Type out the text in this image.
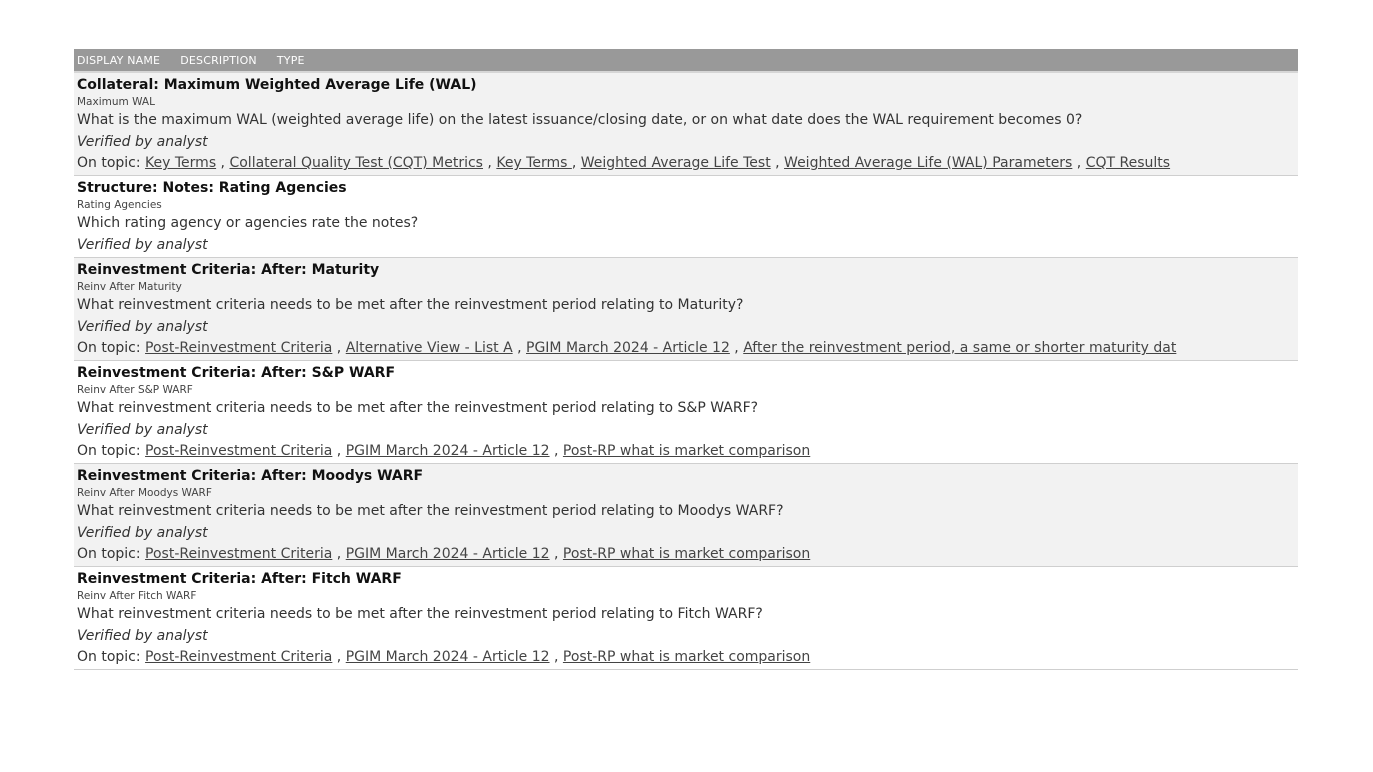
DISPLAY NAME DESCRIPTION TYPE
Collateral: Maximum Weighted Average Life (WAL)
Maximum WAL
What is the maximum WAL (weighted average life) on the latest issuance/closing date, or on what date does the WAL requirement becomes 0?
Verified by analyst
On topic: Key Terms , Collateral Quality Test (CQT) Metrics , Key Terms , Weighted Average Life Test , Weighted Average Life (WAL) Parameters , CQT Results
Structure: Notes: Rating Agencies
Rating Agencies
Which rating agency or agencies rate the notes?
Verified by analyst
Reinvestment Criteria: After: Maturity
Reinv After Maturity
What reinvestment criteria needs to be met after the reinvestment period relating to Maturity?
Verified by analyst
On topic: Post-Reinvestment Criteria , Alternative View - List A , PGIM March 2024 - Article 12 , After the reinvestment period, a same or shorter maturity dat
Reinvestment Criteria: After: S&P WARF
Reinv After S&P WARF
What reinvestment criteria needs to be met after the reinvestment period relating to S&P WARF?
Verified by analyst
On topic: Post-Reinvestment Criteria , PGIM March 2024 - Article 12 , Post-RP what is market comparison
Reinvestment Criteria: After: Moodys WARF
Reinv After Moodys WARF
What reinvestment criteria needs to be met after the reinvestment period relating to Moodys WARF?
Verified by analyst
On topic: Post-Reinvestment Criteria , PGIM March 2024 - Article 12 , Post-RP what is market comparison
Reinvestment Criteria: After: Fitch WARF
Reinv After Fitch WARF
What reinvestment criteria needs to be met after the reinvestment period relating to Fitch WARF?
Verified by analyst
On topic: Post-Reinvestment Criteria , PGIM March 2024 - Article 12 , Post-RP what is market comparison
